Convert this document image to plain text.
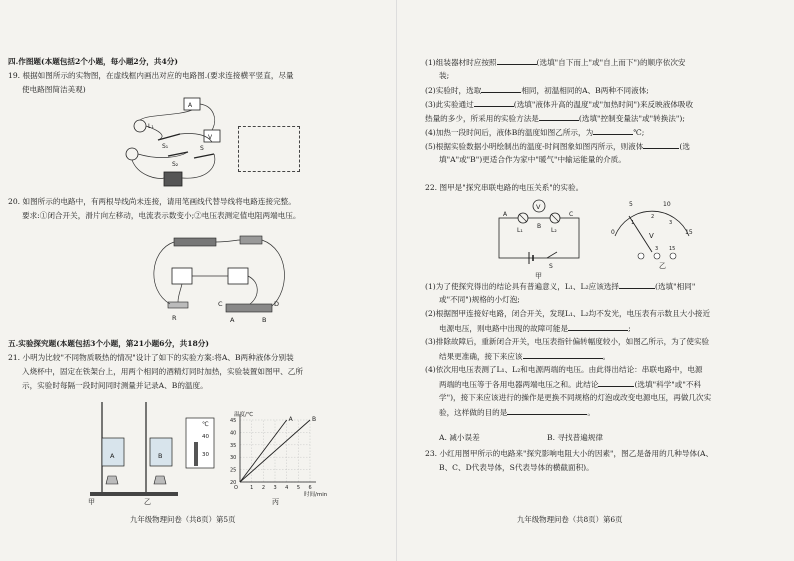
四.作图题(本题包括2个小题，每小题2分，共4分)
19. 根据如图所示的实物图，在虚线框内画出对应的电路图.(要求连接横平竖直，尽量
使电路图简洁美观)
A
V
L₁
S₁
S₂
S
20. 如图所示的电路中，有两根导线尚未连接，请用笔画线代替导线将电路连接完整。
要求:①闭合开关，滑片向左移动，电流表示数变小;②电压表测定值电阻两端电压。
R
C	D
A	B
五.实验探究题(本题包括3个小题，第21小题6分，共18分)
21. 小明为比较"不同物质吸热的情况"设计了如下的实验方案:将A、B两种液体分别装
入烧杯中，固定在铁架台上，用两个相同的酒精灯同时加热，实验装置如图甲、乙所
示，实验时每隔一段时间同时测量并记录A、B的温度。
A
甲
B
乙
℃
40
30
20
25
30
35
40
45
1 2 3 4 5 6
O
温度/℃
时间/min
A	B
丙
九年级物理问卷（共8页）第5页
(1)组装器材时应按照	(选填"自下而上"或"自上而下")的顺序依次安
装;
(2)实验时，选取	相同，初温相同的A、B两种不同液体;
(3)此实验通过	(选填"液体升高的温度"或"加热时间")来反映液体吸收
热量的多少，所采用的实验方法是	(选填"控制变量法"或"转换法");
(4)加热一段时间后，液体B的温度如图乙所示，为	℃;
(5)根据实验数据小明绘制出的温度-时间图象如图丙所示，则液体	(选
填"A"或"B")更适合作为家中"暖气"中输运能量的介质。
22. 图甲是"探究串联电路的电压关系"的实验。
V
A
B
C
L₁	L₂
S
甲
0
5	10
15
1
2
3
V
3 15
乙
(1)为了使探究得出的结论具有普遍意义，L₁、L₂应该选择	(选填"相同"
或"不同")规格的小灯泡;
(2)根据图甲连接好电路，闭合开关，发现L₁、L₂均不发光，电压表有示数且大小接近
电源电压，则电路中出现的故障可能是	;
(3)排除故障后，重新闭合开关，电压表指针偏转幅度较小，如图乙所示，为了使实验
结果更准确，接下来应该	。
(4)依次用电压表测了L₁、L₂和电源两端的电压。由此得出结论：串联电路中，电源
两端的电压等于各用电器两端电压之和。此结论	(选填"科学"或"不科
学")，接下来应该进行的操作是更换不同规格的灯泡或改变电源电压，再做几次实
验，这样做的目的是	。
A. 减小误差	B. 寻找普遍规律
23. 小红用图甲所示的电路来"探究影响电阻大小的因素"，图乙是备用的几种导体(A、
B、C、D代表导体，S代表导体的横截面积)。
九年级物理问卷（共8页）第6页
